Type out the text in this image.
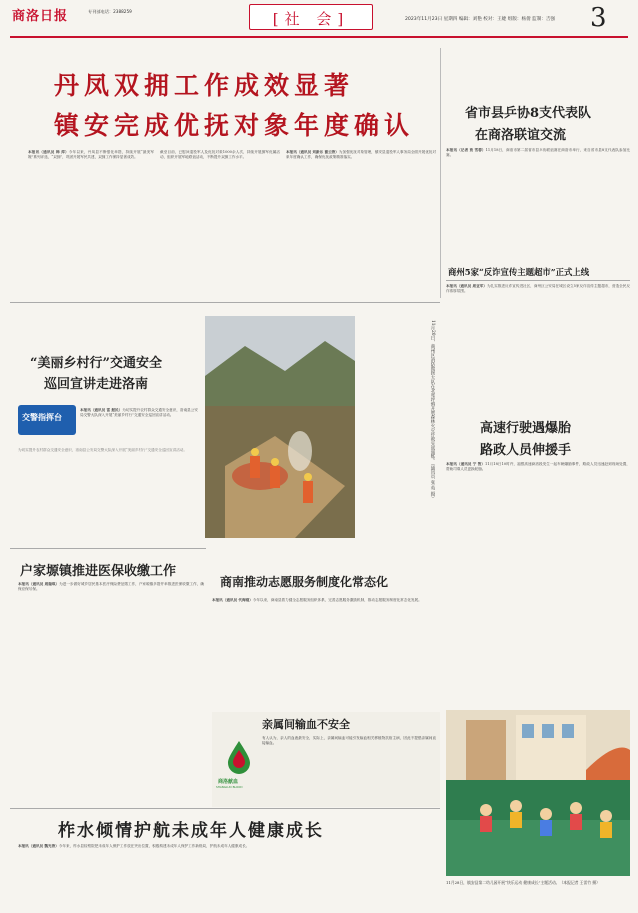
商洛日报	专刊部电话：2388259	[社 会]	2023年11月23日 星期四 编辑：刘艳 校对：王婕 组版：杨倩 监制：吉强 3
丹凤双拥工作成效显著
镇安完成优抚对象年度确认
本报讯（通讯员 韩 萍）今年以来，丹凤县不断强化举措，持续开展“最美军嫂”系列评选，“双拥”，巩固开展军民共建，双拥工作保持显著成效。
截至目前，已慰问退役军人及优抚对象1000余人次，持续开展拥军优属活动，组织开展军地联谊活动，不断提升双拥工作水平。
本报讯（通讯员 刘新乐 谢云涛）为加强优抚对象管理，镇安县退役军人事务局全面开展优抚对象年度确认工作，确保优抚政策精准落实。
“美丽乡村行”交通安全
巡回宣讲走进洛南
交警指挥台
本报讯（通讯员 雷 振民）为切实提升农村群众交通安全意识，洛南县公安局交警大队深入开展“美丽乡村行”交通安全巡回宣讲活动。
为切实提升农村群众交通安全意识，洛南县公安局交警大队深入开展“美丽乡村行”交通安全巡回宣讲活动。	11月20日，商州区消防救援大队在北宽坪镇开展森林火灾扑救实战演练。（通讯员 张 英 摄）
户家塬镇推进医保收缴工作
本报讯（通讯员 周瑞琪）为进一步做好城乡居民基本医疗保险费征缴工作，户家塬镇多措并举推进医保收缴工作，确保应保尽保。
商南推动志愿服务制度化常态化
本报讯（通讯员 代海刚）今年以来，商南县着力健全志愿服务组织体系，完善志愿服务激励机制，推动志愿服务制度化常态化发展。
亲属间输血不安全
商洛献血
SHANGLUO BLOOD
有人认为，亲人的血液最安全，实际上，亲属间输血可能引发输血相关移植物抗宿主病，因此不提倡亲属间直接输血。
省市县乒协8支代表队
在商洛联谊交流
本报讯（记者 贾 雪蓉）11月18日，商洛市第二届省市县乒协联谊赛在商洛市举行，来自省市县8支代表队参加比赛。
商州5家“反诈宣传主题超市”正式上线
本报讯（通讯员 周亚军）为扎实推进反诈宣传进社区，商州区公安局在城区设立5家反诈宣传主题超市，营造全民反诈浓厚氛围。
高速行驶遇爆胎
路政人员伸援手
本报讯（通讯员 宁 智）11月18日10时许，福银高速商洛段发生一起车辆爆胎事件，路政人员迅速赶到现场处置，帮助司乘人员更换轮胎。
柞水倾情护航未成年人健康成长
本报讯（通讯员 魏光涛）今年来，柞水县检察院把未成年人保护工作放在突出位置，积极构建未成年人保护工作新格局，护航未成年人健康成长。
11月28日，镇安县第二幼儿园开展“快乐运动 健康成长”主题活动。（本报记者 王雷竹 摄）
